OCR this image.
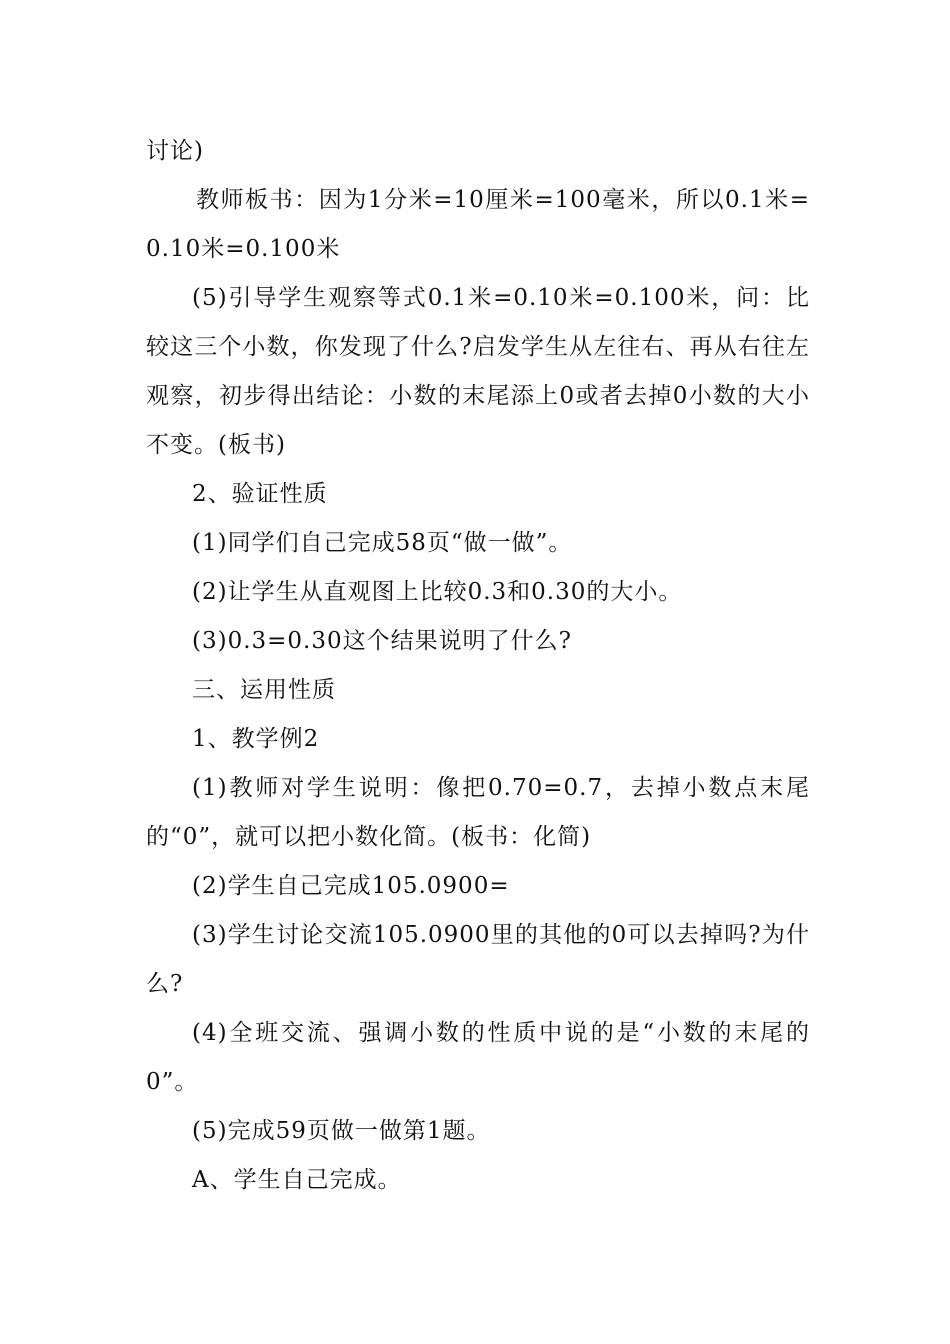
讨论)

教师板书：因为1分米=10厘米=100毫米，所以0.1米=0.10米=0.100米

(5)引导学生观察等式0.1米=0.10米=0.100米，问：比较这三个小数，你发现了什么?启发学生从左往右、再从右往左观察，初步得出结论：小数的末尾添上0或者去掉0小数的大小不变。(板书)

2、验证性质

(1)同学们自己完成58页“做一做”。

(2)让学生从直观图上比较0.3和0.30的大小。

(3)0.3=0.30这个结果说明了什么?

三、运用性质

1、教学例2

(1)教师对学生说明：像把0.70=0.7，去掉小数点末尾的“0”，就可以把小数化简。(板书：化简)

(2)学生自己完成105.0900=

(3)学生讨论交流105.0900里的其他的0可以去掉吗?为什么?

(4)全班交流、强调小数的性质中说的是“小数的末尾的0”。

(5)完成59页做一做第1题。

A、学生自己完成。
